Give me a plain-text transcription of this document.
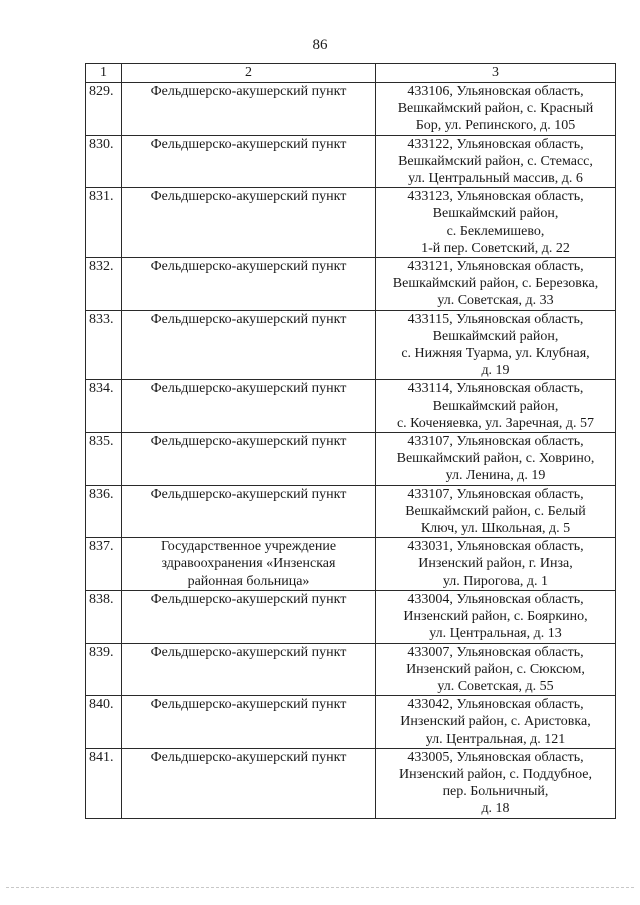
86
1	2	3
829.	Фельдшерско-акушерский пункт	433106, Ульяновская область,
Вешкаймский район, с. Красный
Бор, ул. Репинского, д. 105
830.	Фельдшерско-акушерский пункт	433122, Ульяновская область,
Вешкаймский район, с. Стемасс,
ул. Центральный массив, д. 6
831.	Фельдшерско-акушерский пункт	433123, Ульяновская область,
Вешкаймский район,
с. Беклемишево,
1-й пер. Советский, д. 22
832.	Фельдшерско-акушерский пункт	433121, Ульяновская область,
Вешкаймский район, с. Березовка,
ул. Советская, д. 33
833.	Фельдшерско-акушерский пункт	433115, Ульяновская область,
Вешкаймский район,
с. Нижняя Туарма, ул. Клубная,
д. 19
834.	Фельдшерско-акушерский пункт	433114, Ульяновская область,
Вешкаймский район,
с. Коченяевка, ул. Заречная, д. 57
835.	Фельдшерско-акушерский пункт	433107, Ульяновская область,
Вешкаймский район, с. Ховрино,
ул. Ленина, д. 19
836.	Фельдшерско-акушерский пункт	433107, Ульяновская область,
Вешкаймский район, с. Белый
Ключ, ул. Школьная, д. 5
837.	Государственное учреждение
здравоохранения «Инзенская
районная больница»	433031, Ульяновская область,
Инзенский район, г. Инза,
ул. Пирогова, д. 1
838.	Фельдшерско-акушерский пункт	433004, Ульяновская область,
Инзенский район, с. Бояркино,
ул. Центральная, д. 13
839.	Фельдшерско-акушерский пункт	433007, Ульяновская область,
Инзенский район, с. Сюксюм,
ул. Советская, д. 55
840.	Фельдшерско-акушерский пункт	433042, Ульяновская область,
Инзенский район, с. Аристовка,
ул. Центральная, д. 121
841.	Фельдшерско-акушерский пункт	433005, Ульяновская область,
Инзенский район, с. Поддубное,
пер. Больничный,
д. 18
